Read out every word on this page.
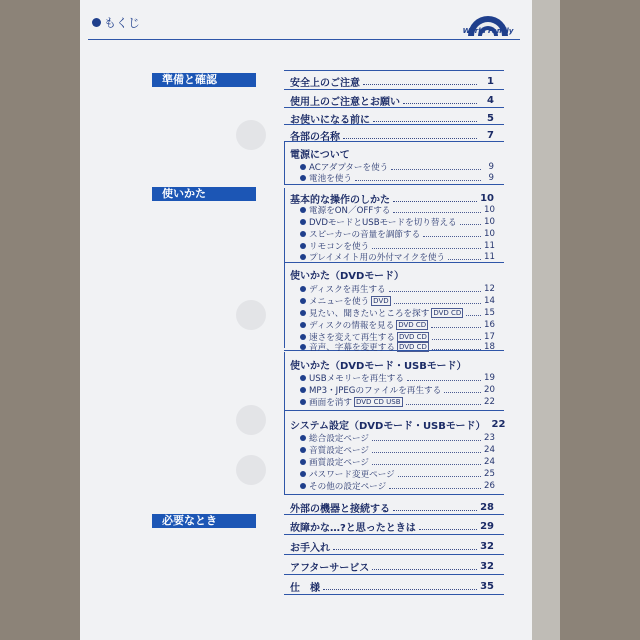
もくじ
World Family
準備と確認
使いかた
必要なとき
安全上のご注意	1
使用上のご注意とお願い	4
お使いになる前に	5
各部の名称	7
電源について
ACアダプターを使う	9
電池を使う	9
基本的な操作のしかた	10
電源をON／OFFする	10
DVDモードとUSBモードを切り替える	10
スピーカーの音量を調節する	10
リモコンを使う	11
プレイメイト用の外付マイクを使う	11
使いかた（DVDモード）
ディスクを再生する	12
メニューを使う DVD	14
見たい、聞きたいところを探す DVD CD	15
ディスクの情報を見る DVD CD	16
速さを変えて再生する DVD CD	17
音声、字幕を変更する DVD CD	18
使いかた（DVDモード・USBモード）
USBメモリーを再生する	19
MP3・JPEGのファイルを再生する	20
画面を消す DVD CD USB	22
システム設定（DVDモード・USBモード） 22
総合設定ページ	23
音質設定ページ	24
画質設定ページ	24
パスワード変更ページ	25
その他の設定ページ	26
外部の機器と接続する	28
故障かな…?と思ったときは	29
お手入れ	32
アフターサービス	32
仕　様	35
